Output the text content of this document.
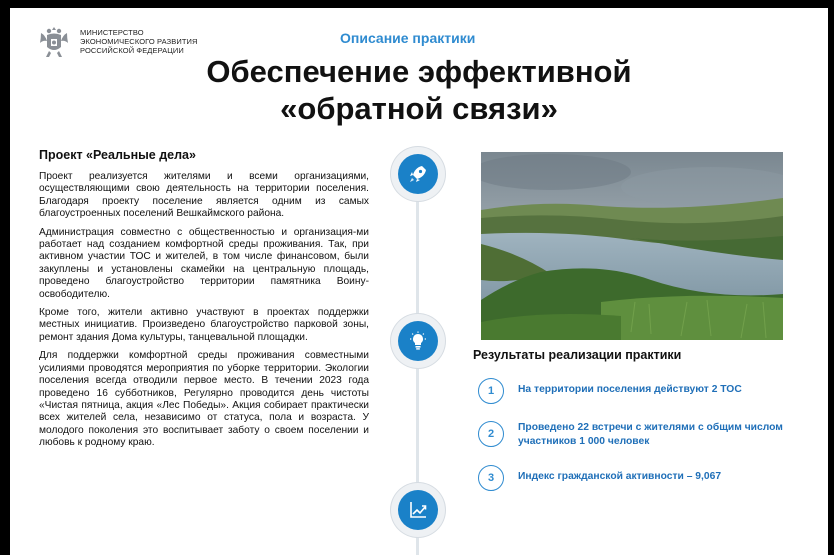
МИНИСТЕРСТВО
ЭКОНОМИЧЕСКОГО РАЗВИТИЯ
РОССИЙСКОЙ ФЕДЕРАЦИИ
Описание практики
Обеспечение эффективной
«обратной связи»
Проект «Реальные дела»

Проект реализуется жителями и всеми организациями, осуществляющими свою деятельность на территории поселения. Благодаря проекту поселение является одним из самых благоустроенных поселений Вешкаймского района.

Администрация совместно с общественностью и организация-ми работает над созданием комфортной среды проживания. Так, при активном участии ТОС и жителей, в том числе финансовом, были закуплены и установлены скамейки на центральную площадь, проведено благоустройство территории памятника Воину-освободителю.

Кроме того, жители активно участвуют в проектах поддержки местных инициатив. Произведено благоустройство парковой зоны, ремонт здания Дома культуры, танцевальной площадки.

Для поддержки комфортной среды проживания совместными усилиями проводятся мероприятия по уборке территории. Экологии поселения всегда отводили первое место. В течении 2023 года проведено 16 субботников, Регулярно проводится день чистоты «Чистая пятница, акция «Лес Победы». Акция собирает практически всех жителей села, независимо от статуса, пола и возраста. У молодого поколения это воспитывает заботу о своем поселении и любовь к родному краю.

Результаты реализации практики
1	На территории поселения действуют 2 ТОС
2
Проведено 22 встречи с жителями с общим числом участников 1 000 человек
3	Индекс гражданской активности – 9,067
